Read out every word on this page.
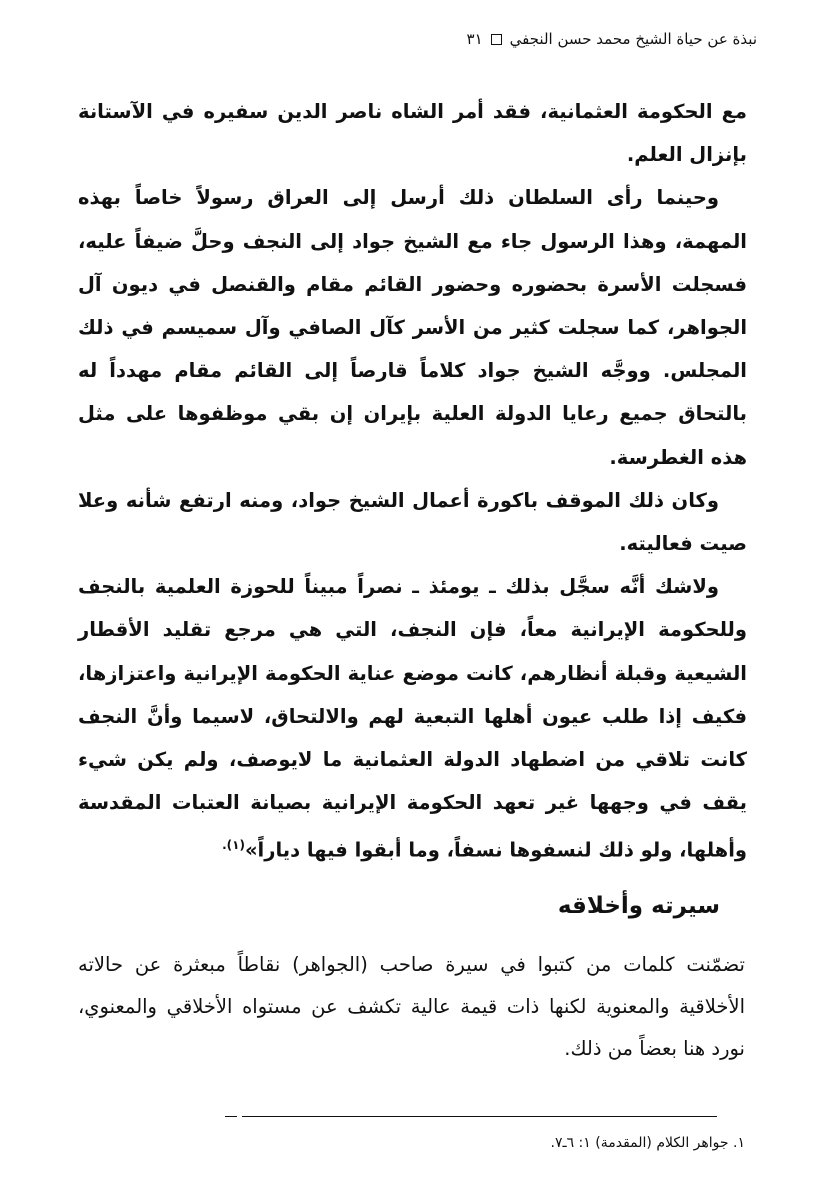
نبذة عن حياة الشيخ محمد حسن النجفي
٣١

مع الحكومة العثمانية، فقد أمر الشاه ناصر الدين سفيره في الآستانة بإنزال العلم.

وحينما رأى السلطان ذلك أرسل إلى العراق رسولاً خاصاً بهذه المهمة، وهذا الرسول جاء مع الشيخ جواد إلى النجف وحلَّ ضيفاً عليه، فسجلت الأسرة بحضوره وحضور القائم مقام والقنصل في ديون آل الجواهر، كما سجلت كثير من الأسر كآل الصافي وآل سميسم في ذلك المجلس. ووجَّه الشيخ جواد كلاماً قارصاً إلى القائم مقام مهدداً له بالتحاق جميع رعايا الدولة العلية بإيران إن بقي موظفوها على مثل هذه الغطرسة.

وكان ذلك الموقف باكورة أعمال الشيخ جواد، ومنه ارتفع شأنه وعلا صيت فعاليته.

ولاشك أنَّه سجَّل بذلك ـ يومئذ ـ نصراً مبيناً للحوزة العلمية بالنجف وللحكومة الإيرانية معاً، فإن النجف، التي هي مرجع تقليد الأقطار الشيعية وقبلة أنظارهم، كانت موضع عناية الحكومة الإيرانية واعتزازها، فكيف إذا طلب عيون أهلها التبعية لهم والالتحاق، لاسيما وأنَّ النجف كانت تلاقي من اضطهاد الدولة العثمانية ما لايوصف، ولم يكن شيء يقف في وجهها غير تعهد الحكومة الإيرانية بصيانة العتبات المقدسة وأهلها، ولو ذلك لنسفوها نسفاً، وما أبقوا فيها دياراً»$^{(١).}$

سيرته وأخلاقه

تضمّنت كلمات من كتبوا في سيرة صاحب (الجواهر) نقاطاً مبعثرة عن حالاته الأخلاقية والمعنوية لكنها ذات قيمة عالية تكشف عن مستواه الأخلاقي والمعنوي، نورد هنا بعضاً من ذلك.

١. جواهر الكلام (المقدمة) ١: ٦ـ٧.
